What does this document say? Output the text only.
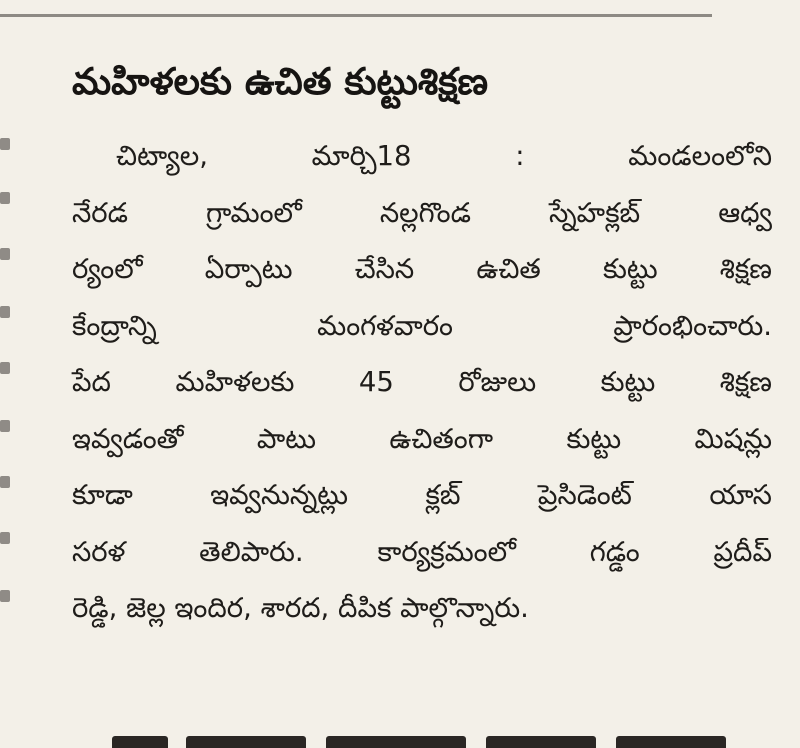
మహిళలకు ఉచిత కుట్టుశిక్షణ
చిట్యాల, మార్చి18 : మండలంలోని
నేరడ గ్రామంలో నల్లగొండ స్నేహక్లబ్ ఆధ్వ
ర్యంలో ఏర్పాటు చేసిన ఉచిత కుట్టు శిక్షణ
కేంద్రాన్ని మంగళవారం ప్రారంభించారు.
పేద మహిళలకు 45 రోజులు కుట్టు శిక్షణ
ఇవ్వడంతో పాటు ఉచితంగా కుట్టు మిషన్లు
కూడా ఇవ్వనున్నట్లు క్లబ్ ప్రెసిడెంట్ యాస
సరళ తెలిపారు. కార్యక్రమంలో గడ్డం ప్రదీప్
రెడ్డి, జెల్ల ఇందిర, శారద, దీపిక పాల్గొన్నారు.
